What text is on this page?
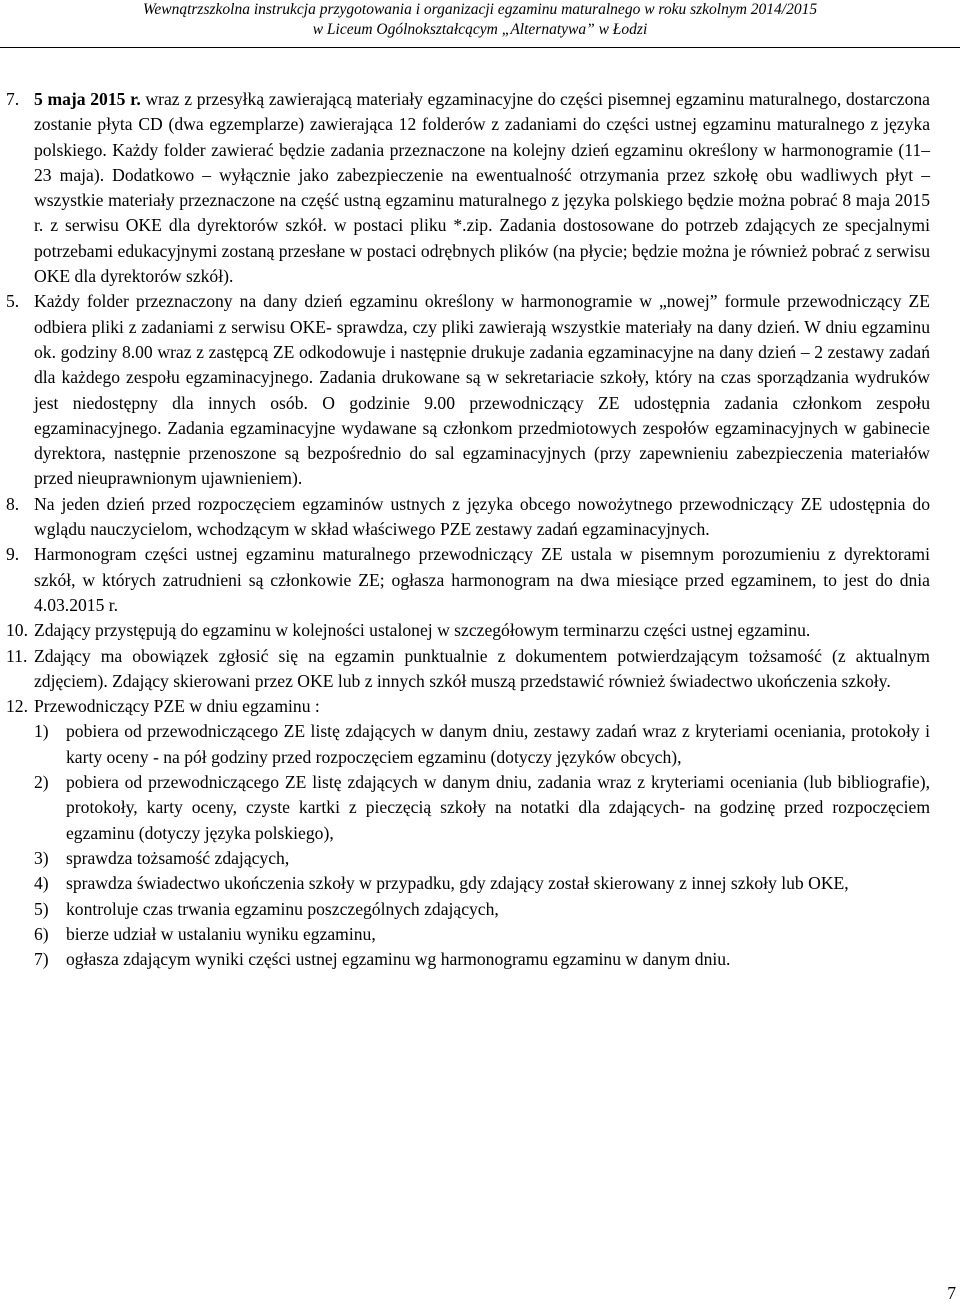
Wewnątrzszkolna instrukcja przygotowania i organizacji egzaminu maturalnego w roku szkolnym 2014/2015
w Liceum Ogólnokształcącym „Alternatywa” w Łodzi
7. 5 maja 2015 r. wraz z przesyłką zawierającą materiały egzaminacyjne do części pisemnej egzaminu maturalnego, dostarczona zostanie płyta CD (dwa egzemplarze) zawierająca 12 folderów z zadaniami do części ustnej egzaminu maturalnego z języka polskiego. Każdy folder zawierać będzie zadania przeznaczone na kolejny dzień egzaminu określony w harmonogramie (11–23 maja). Dodatkowo – wyłącznie jako zabezpieczenie na ewentualność otrzymania przez szkołę obu wadliwych płyt – wszystkie materiały przeznaczone na część ustną egzaminu maturalnego z języka polskiego będzie można pobrać 8 maja 2015 r. z serwisu OKE dla dyrektorów szkół. w postaci pliku *.zip. Zadania dostosowane do potrzeb zdających ze specjalnymi potrzebami edukacyjnymi zostaną przesłane w postaci odrębnych plików (na płycie; będzie można je również pobrać z serwisu OKE dla dyrektorów szkół).

5. Każdy folder przeznaczony na dany dzień egzaminu określony w harmonogramie w „nowej” formule przewodniczący ZE odbiera pliki z zadaniami z serwisu OKE- sprawdza, czy pliki zawierają wszystkie materiały na dany dzień. W dniu egzaminu ok. godziny 8.00 wraz z zastępcą ZE odkodowuje i następnie drukuje zadania egzaminacyjne na dany dzień – 2 zestawy zadań dla każdego zespołu egzaminacyjnego. Zadania drukowane są w sekretariacie szkoły, który na czas sporządzania wydruków jest niedostępny dla innych osób. O godzinie 9.00 przewodniczący ZE udostępnia zadania członkom zespołu egzaminacyjnego. Zadania egzaminacyjne wydawane są członkom przedmiotowych zespołów egzaminacyjnych w gabinecie dyrektora, następnie przenoszone są bezpośrednio do sal egzaminacyjnych (przy zapewnieniu zabezpieczenia materiałów przed nieuprawnionym ujawnieniem).

8. Na jeden dzień przed rozpoczęciem egzaminów ustnych z języka obcego nowożytnego przewodniczący ZE udostępnia do wglądu nauczycielom, wchodzącym w skład właściwego PZE zestawy zadań egzaminacyjnych.

9. Harmonogram części ustnej egzaminu maturalnego przewodniczący ZE ustala w pisemnym porozumieniu z dyrektorami szkół, w których zatrudnieni są członkowie ZE; ogłasza harmonogram na dwa miesiące przed egzaminem, to jest do dnia 4.03.2015 r.

10. Zdający przystępują do egzaminu w kolejności ustalonej w szczegółowym terminarzu części ustnej egzaminu.

11. Zdający ma obowiązek zgłosić się na egzamin punktualnie z dokumentem potwierdzającym tożsamość (z aktualnym zdjęciem). Zdający skierowani przez OKE lub z innych szkół muszą przedstawić również świadectwo ukończenia szkoły.

12. Przewodniczący PZE w dniu egzaminu :

1) pobiera od przewodniczącego ZE listę zdających w danym dniu, zestawy zadań wraz z kryteriami oceniania, protokoły i karty oceny - na pół godziny przed rozpoczęciem egzaminu (dotyczy języków obcych),

2) pobiera od przewodniczącego ZE listę zdających w danym dniu, zadania wraz z kryteriami oceniania (lub bibliografie), protokoły, karty oceny, czyste kartki z pieczęcią szkoły na notatki dla zdających- na godzinę przed rozpoczęciem egzaminu (dotyczy języka polskiego),

3) sprawdza tożsamość zdających,

4) sprawdza świadectwo ukończenia szkoły w przypadku, gdy zdający został skierowany z innej szkoły lub OKE,

5) kontroluje czas trwania egzaminu poszczególnych zdających,

6) bierze udział w ustalaniu wyniku egzaminu,

7) ogłasza zdającym wyniki części ustnej egzaminu wg harmonogramu egzaminu w danym dniu.

7
